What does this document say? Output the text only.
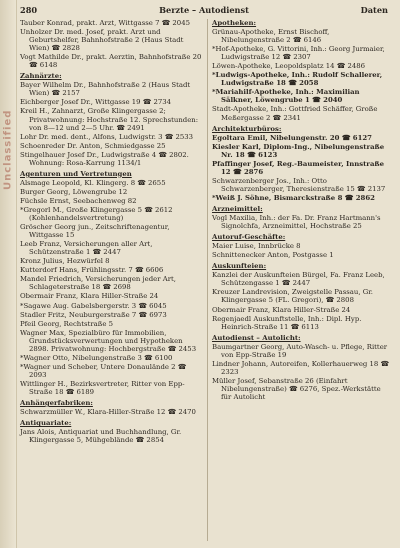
Unclassified
280	Berzte – Autodienst	Daten
Tauber Konrad, prakt. Arzt, Wittgasse 7 ☎ 2045
Unholzer Dr. med. Josef, prakt. Arzt und Geburtshelfer, Bahnhofstraße 2 (Haus Stadt Wien) ☎ 2828
Vogt Mathilde Dr., prakt. Aerztin, Bahnhofstraße 20 ☎ 6148
Zahnärzte:
Bayer Wilhelm Dr., Bahnhofstraße 2 (Haus Stadt Wien) ☎ 2157
Eichberger Josef Dr., Wittgasse 19 ☎ 2734
Kreil H., Zahnarzt, Große Klingergasse 2; Privatwohnung: Hochstraße 12. Sprechstunden: von 8—12 und 2—5 Uhr. ☎ 2491
Lohr Dr. med. dent., Alfons, Ludwigstr. 3 ☎ 2533
Schoenreder Dr. Anton, Schmiedgasse 25
Stingelhauer Josef Dr., Ludwigstraße 4 ☎ 2802. Wohnung: Rosa-Karrung 1134/1
Agenturen und Vertretungen
Alsmage Leopold, Kl. Klingerg. 8 ☎ 2655
Burger Georg, Löwengrube 12
Füchsle Ernst, Seebachenweg 82
*Gregorl M., Große Klingergasse 5 ☎ 2612 (Kohlenhandelsvertretung)
Gröscher Georg jun., Zeitschriftenagentur, Wittgasse 15
Leeb Franz, Versicherungen aller Art, Schützenstraße 1 ☎ 2447
Kronz Julius, Hezwürfel 8
Kutterdorf Hans, Frühlingsstr. 7 ☎ 6606
Mandel Friedrich, Versicherungen jeder Art, Schlageterstraße 18 ☎ 2698
Obermair Franz, Klara Hiller-Straße 24
*Sagawe Aug. Gabelsbergerstr. 3 ☎ 6045
Stadler Fritz, Neuburgerstraße 7 ☎ 6973
Pfeil Georg, Rechtstraße 5
Wagner Max, Spezialbüro für Immobilien, Grundstücksverwertungen und Hypotheken 2898. Privatwohnung: Hochbergstraße ☎ 2453
*Wagner Otto, Nibelungenstraße 3 ☎ 6100
*Wagner und Scheber, Untere Donaulände 2 ☎ 2093
Wittlinger H., Bezirksvertreter, Ritter von Epp-Straße 18 ☎ 6189
Anhängerfabriken:
Schwarzmüller W., Klara-Hiller-Straße 12 ☎ 2470
Antiquariate:
Jans Alois, Antiquariat und Buchhandlung, Gr. Klingergasse 5, Mühgeblände ☎ 2854
Apotheken:
Grünau-Apotheke, Ernst Bischoff, Nibelungenstraße 2 ☎ 6146
*Hof-Apotheke, G. Vittorini, Inh.: Georg Jurmaier, Ludwigstraße 12 ☎ 2307
Löwen-Apotheke, Leopoldsplatz 14 ☎ 2486
*Ludwigs-Apotheke, Inh.: Rudolf Schallerer, Ludwigstraße 18 ☎ 2058
*Mariahilf-Apotheke, Inh.: Maximilian Sälkner, Löwengrube 1 ☎ 2040
Stadt-Apotheke, Inh.: Gottfried Schäffer, Große Meßergasse 2 ☎ 2341
Architekturbüros:
Egoltara Emil, Nibelungenstr. 20 ☎ 6127
Kiesler Karl, Diplom-Ing., Nibelungenstraße Nr. 18 ☎ 6123
Pfaffinger Josef, Reg.-Baumeister, Innstraße 12 ☎ 2876
Schwarzenberger Jos., Inh.: Otto Schwarzenberger, Theresienstraße 15 ☎ 2137
*Weiß J. Söhne, Bismarckstraße 8 ☎ 2862
Arzneimittel:
Vogl Maxilia, Inh.: der Fa. Dr. Franz Hartmann's Signolchfa, Arzneimittel, Hochstraße 25
Autoruf-Geschäfte:
Maier Luise, Innbrücke 8
Schnittenecker Anton, Postgasse 1
Auskunfteien:
Kanzlei der Auskunfteien Bürgel, Fa. Franz Leeb, Schützengasse 1 ☎ 2447
Kreuzer Landrevision, Zweigstelle Passau, Gr. Klingergasse 5 (FL. Gregori), ☎ 2808
Obermair Franz, Klara Hiller-Straße 24
Regenjaedl Auskunftstelle, Inh.: Dipl. Hyp. Heinrich-Straße 11 ☎ 6113
Autodienst – Autolicht:
Baumgartner Georg, Auto-Wasch- u. Pflege, Ritter von Epp-Straße 19
Lindner Johann, Autoreifen, Kollerhauerweg 18 ☎ 2323
Müller Josef, Sebanstraße 26 (Einfahrt Nibelungenstraße) ☎ 6276, Spez.-Werkstätte für Autolicht
